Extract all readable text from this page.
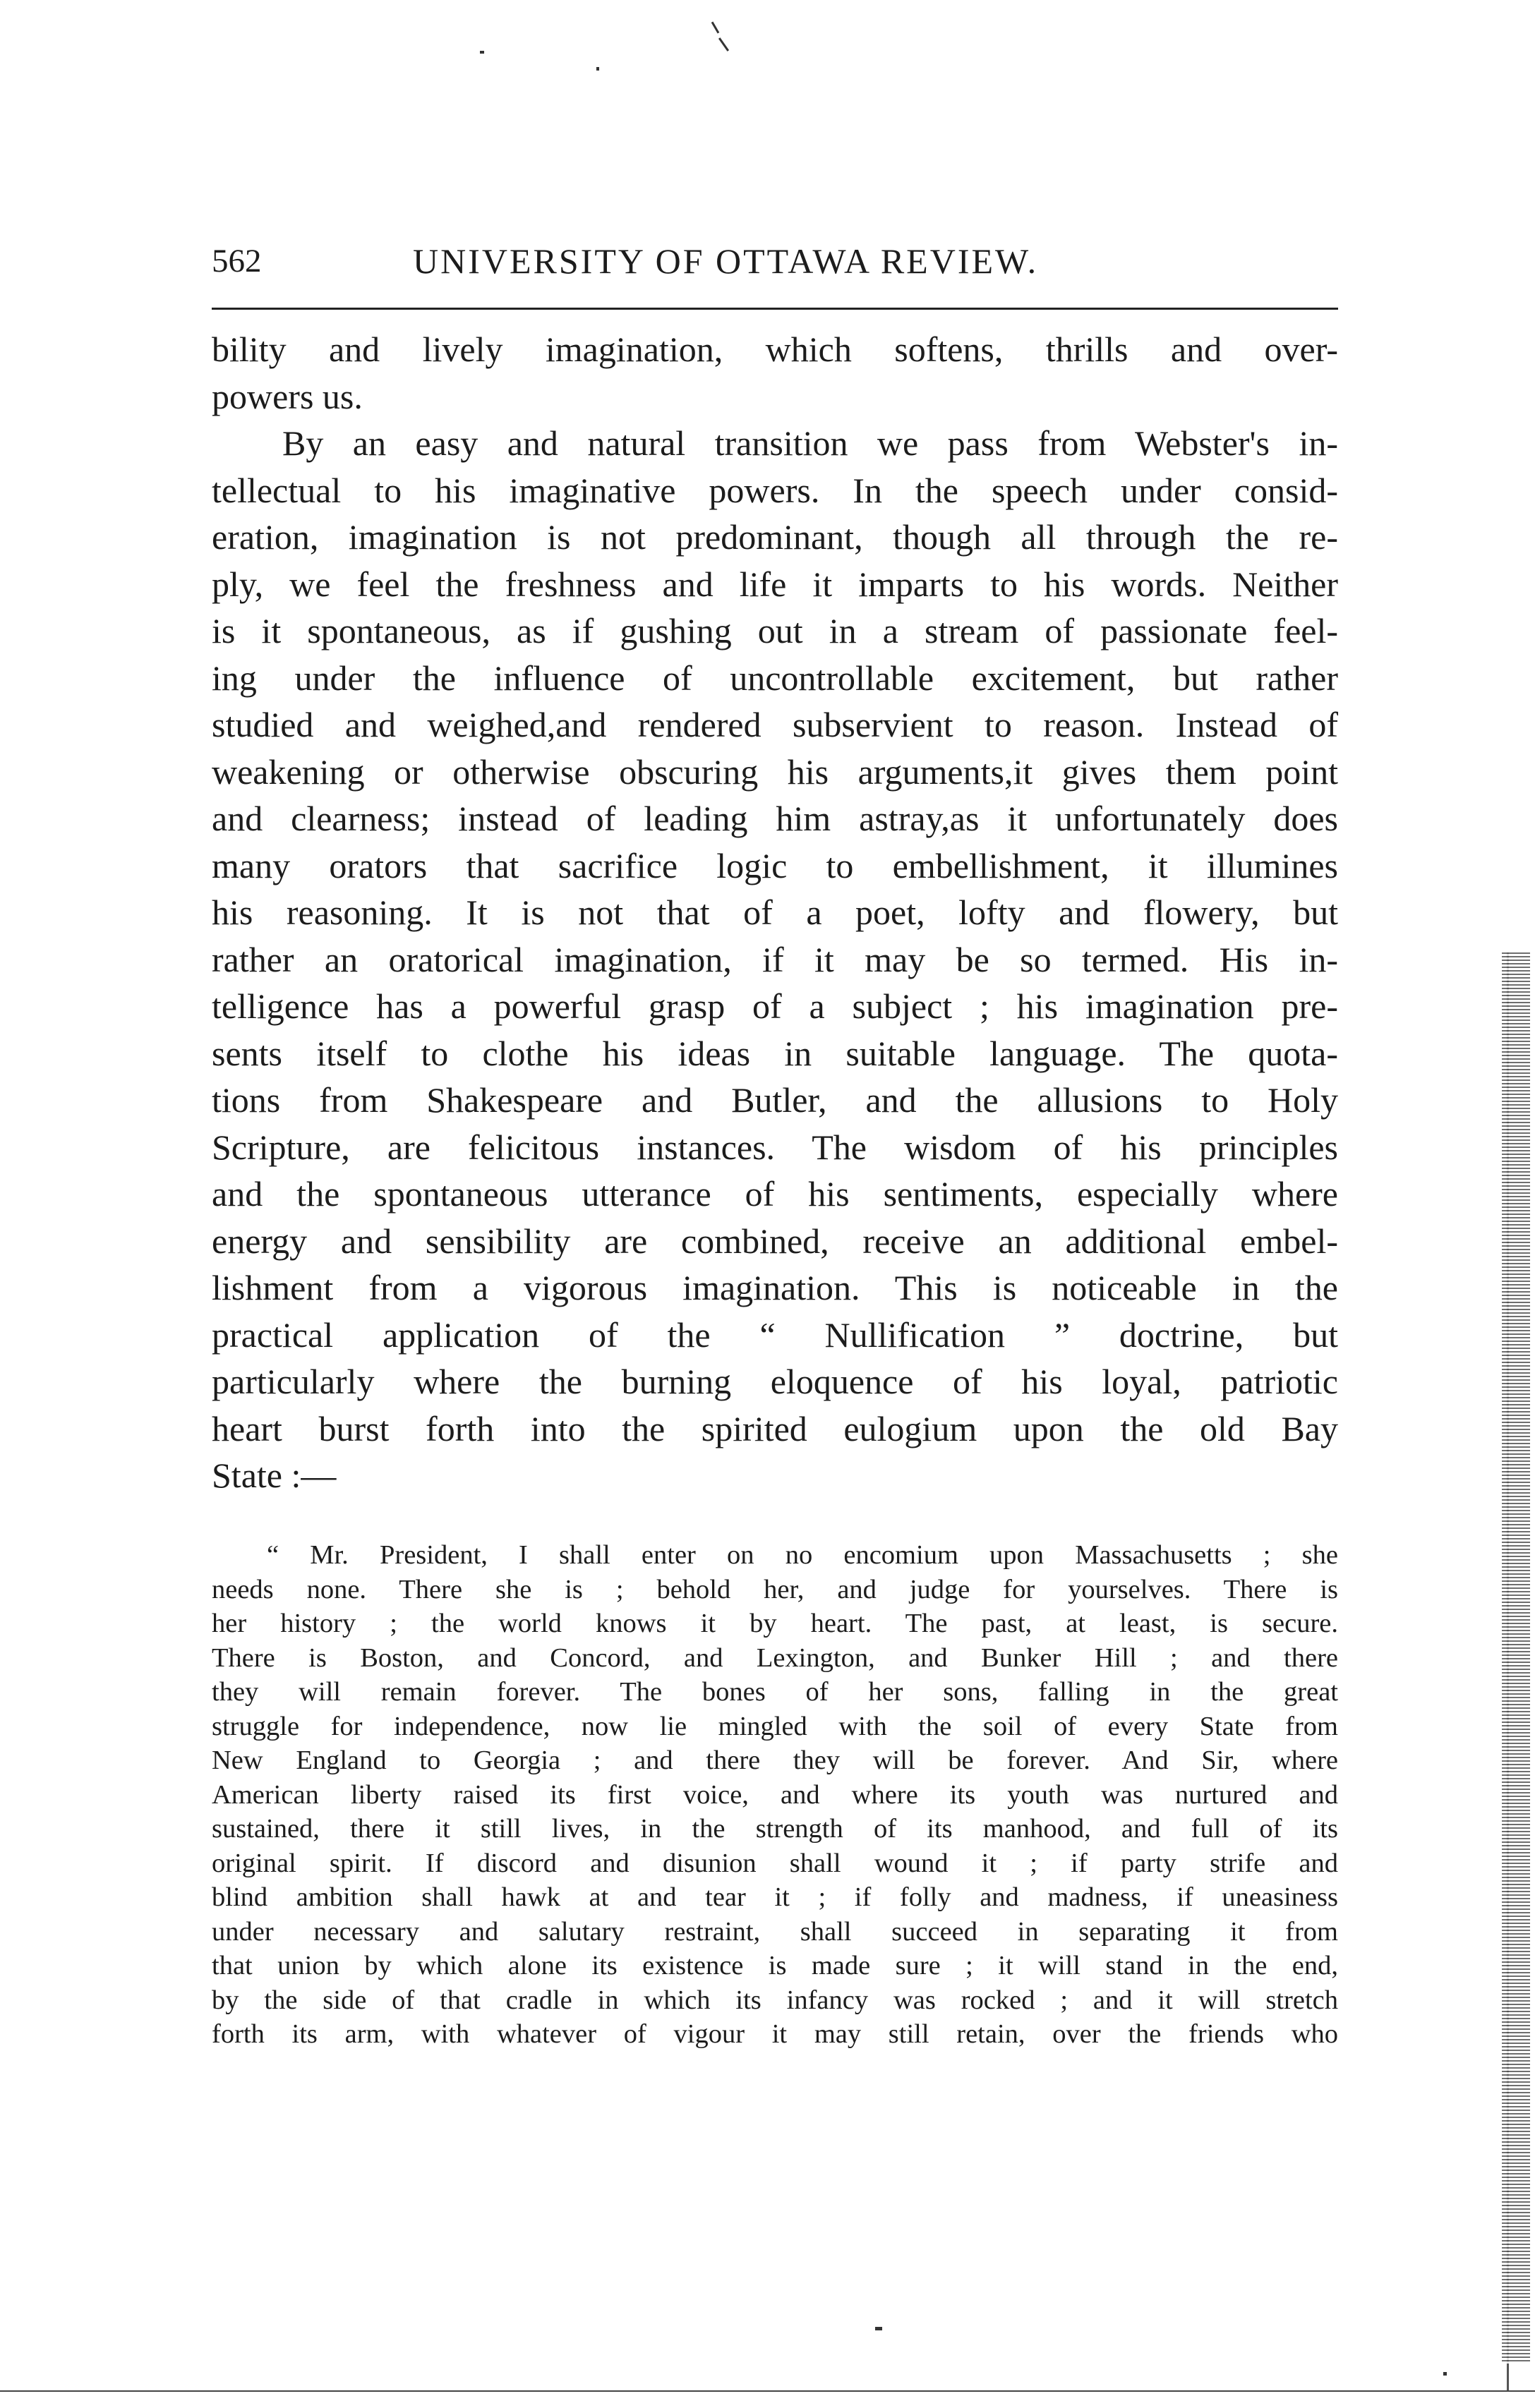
562	UNIVERSITY OF OTTAWA REVIEW.
bility and lively imagination, which softens, thrills and over-
powers us.
By an easy and natural transition we pass from Webster's in-
tellectual to his imaginative powers. In the speech under consid-
eration, imagination is not predominant, though all through the re-
ply, we feel the freshness and life it imparts to his words. Neither
is it spontaneous, as if gushing out in a stream of passionate feel-
ing under the influence of uncontrollable excitement, but rather
studied and weighed,and rendered subservient to reason. Instead of
weakening or otherwise obscuring his arguments,it gives them point
and clearness; instead of leading him astray,as it unfortunately does
many orators that sacrifice logic to embellishment, it illumines
his reasoning. It is not that of a poet, lofty and flowery, but
rather an oratorical imagination, if it may be so termed. His in-
telligence has a powerful grasp of a subject ; his imagination pre-
sents itself to clothe his ideas in suitable language. The quota-
tions from Shakespeare and Butler, and the allusions to Holy
Scripture, are felicitous instances. The wisdom of his principles
and the spontaneous utterance of his sentiments, especially where
energy and sensibility are combined, receive an additional embel-
lishment from a vigorous imagination. This is noticeable in the
practical application of the “ Nullification ” doctrine, but
particularly where the burning eloquence of his loyal, patriotic
heart burst forth into the spirited eulogium upon the old Bay
State :—
“ Mr. President, I shall enter on no encomium upon Massachusetts ; she
needs none. There she is ; behold her, and judge for yourselves. There is
her history ; the world knows it by heart. The past, at least, is secure.
There is Boston, and Concord, and Lexington, and Bunker Hill ; and there
they will remain forever. The bones of her sons, falling in the great
struggle for independence, now lie mingled with the soil of every State from
New England to Georgia ; and there they will be forever. And Sir, where
American liberty raised its first voice, and where its youth was nurtured and
sustained, there it still lives, in the strength of its manhood, and full of its
original spirit. If discord and disunion shall wound it ; if party strife and
blind ambition shall hawk at and tear it ; if folly and madness, if uneasiness
under necessary and salutary restraint, shall succeed in separating it from
that union by which alone its existence is made sure ; it will stand in the end,
by the side of that cradle in which its infancy was rocked ; and it will stretch
forth its arm, with whatever of vigour it may still retain, over the friends who
